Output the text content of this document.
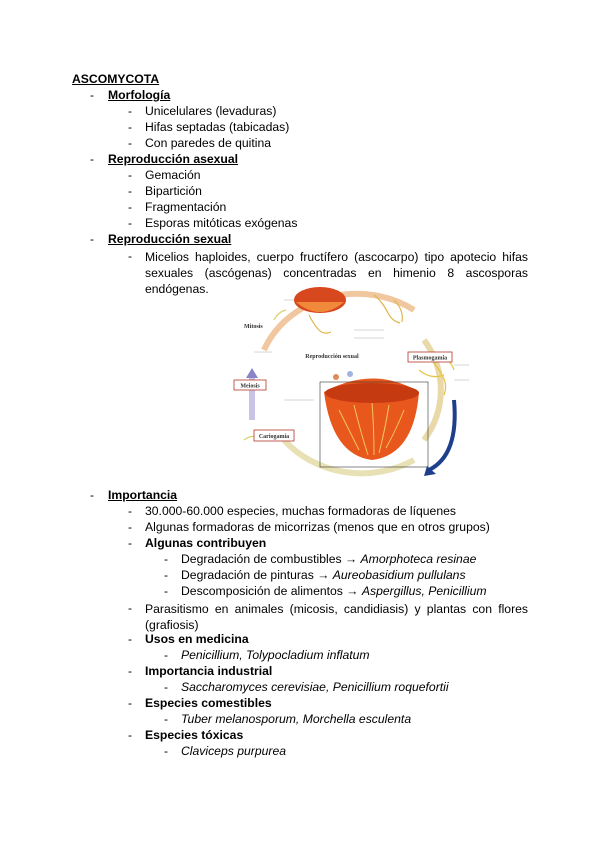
ASCOMYCOTA
- Morfología
- Unicelulares (levaduras)
- Hifas septadas (tabicadas)
- Con paredes de quitina
- Reproducción asexual
- Gemación
- Bipartición
- Fragmentación
- Esporas mitóticas exógenas
- Reproducción sexual
- Micelios haploides, cuerpo fructífero (ascocarpo) tipo apotecio hifas sexuales (ascógenas) concentradas en himenio 8 ascosporas endógenas.
Reproducción sexual
Mitosis
Meiosis
Cariogamia
Plasmogamia
- Importancia
- 30.000-60.000 especies, muchas formadoras de líquenes
- Algunas formadoras de micorrizas (menos que en otros grupos)
- Algunas contribuyen
- Degradación de combustibles → Amorphoteca resinae
- Degradación de pinturas → Aureobasidium pullulans
- Descomposición de alimentos → Aspergillus, Penicillium
- Parasitismo en animales (micosis, candidiasis) y plantas con flores (grafiosis)
- Usos en medicina
- Penicillium, Tolypocladium inflatum
- Importancia industrial
- Saccharomyces cerevisiae, Penicillium roquefortii
- Especies comestibles
- Tuber melanosporum, Morchella esculenta
- Especies tóxicas
- Claviceps purpurea
